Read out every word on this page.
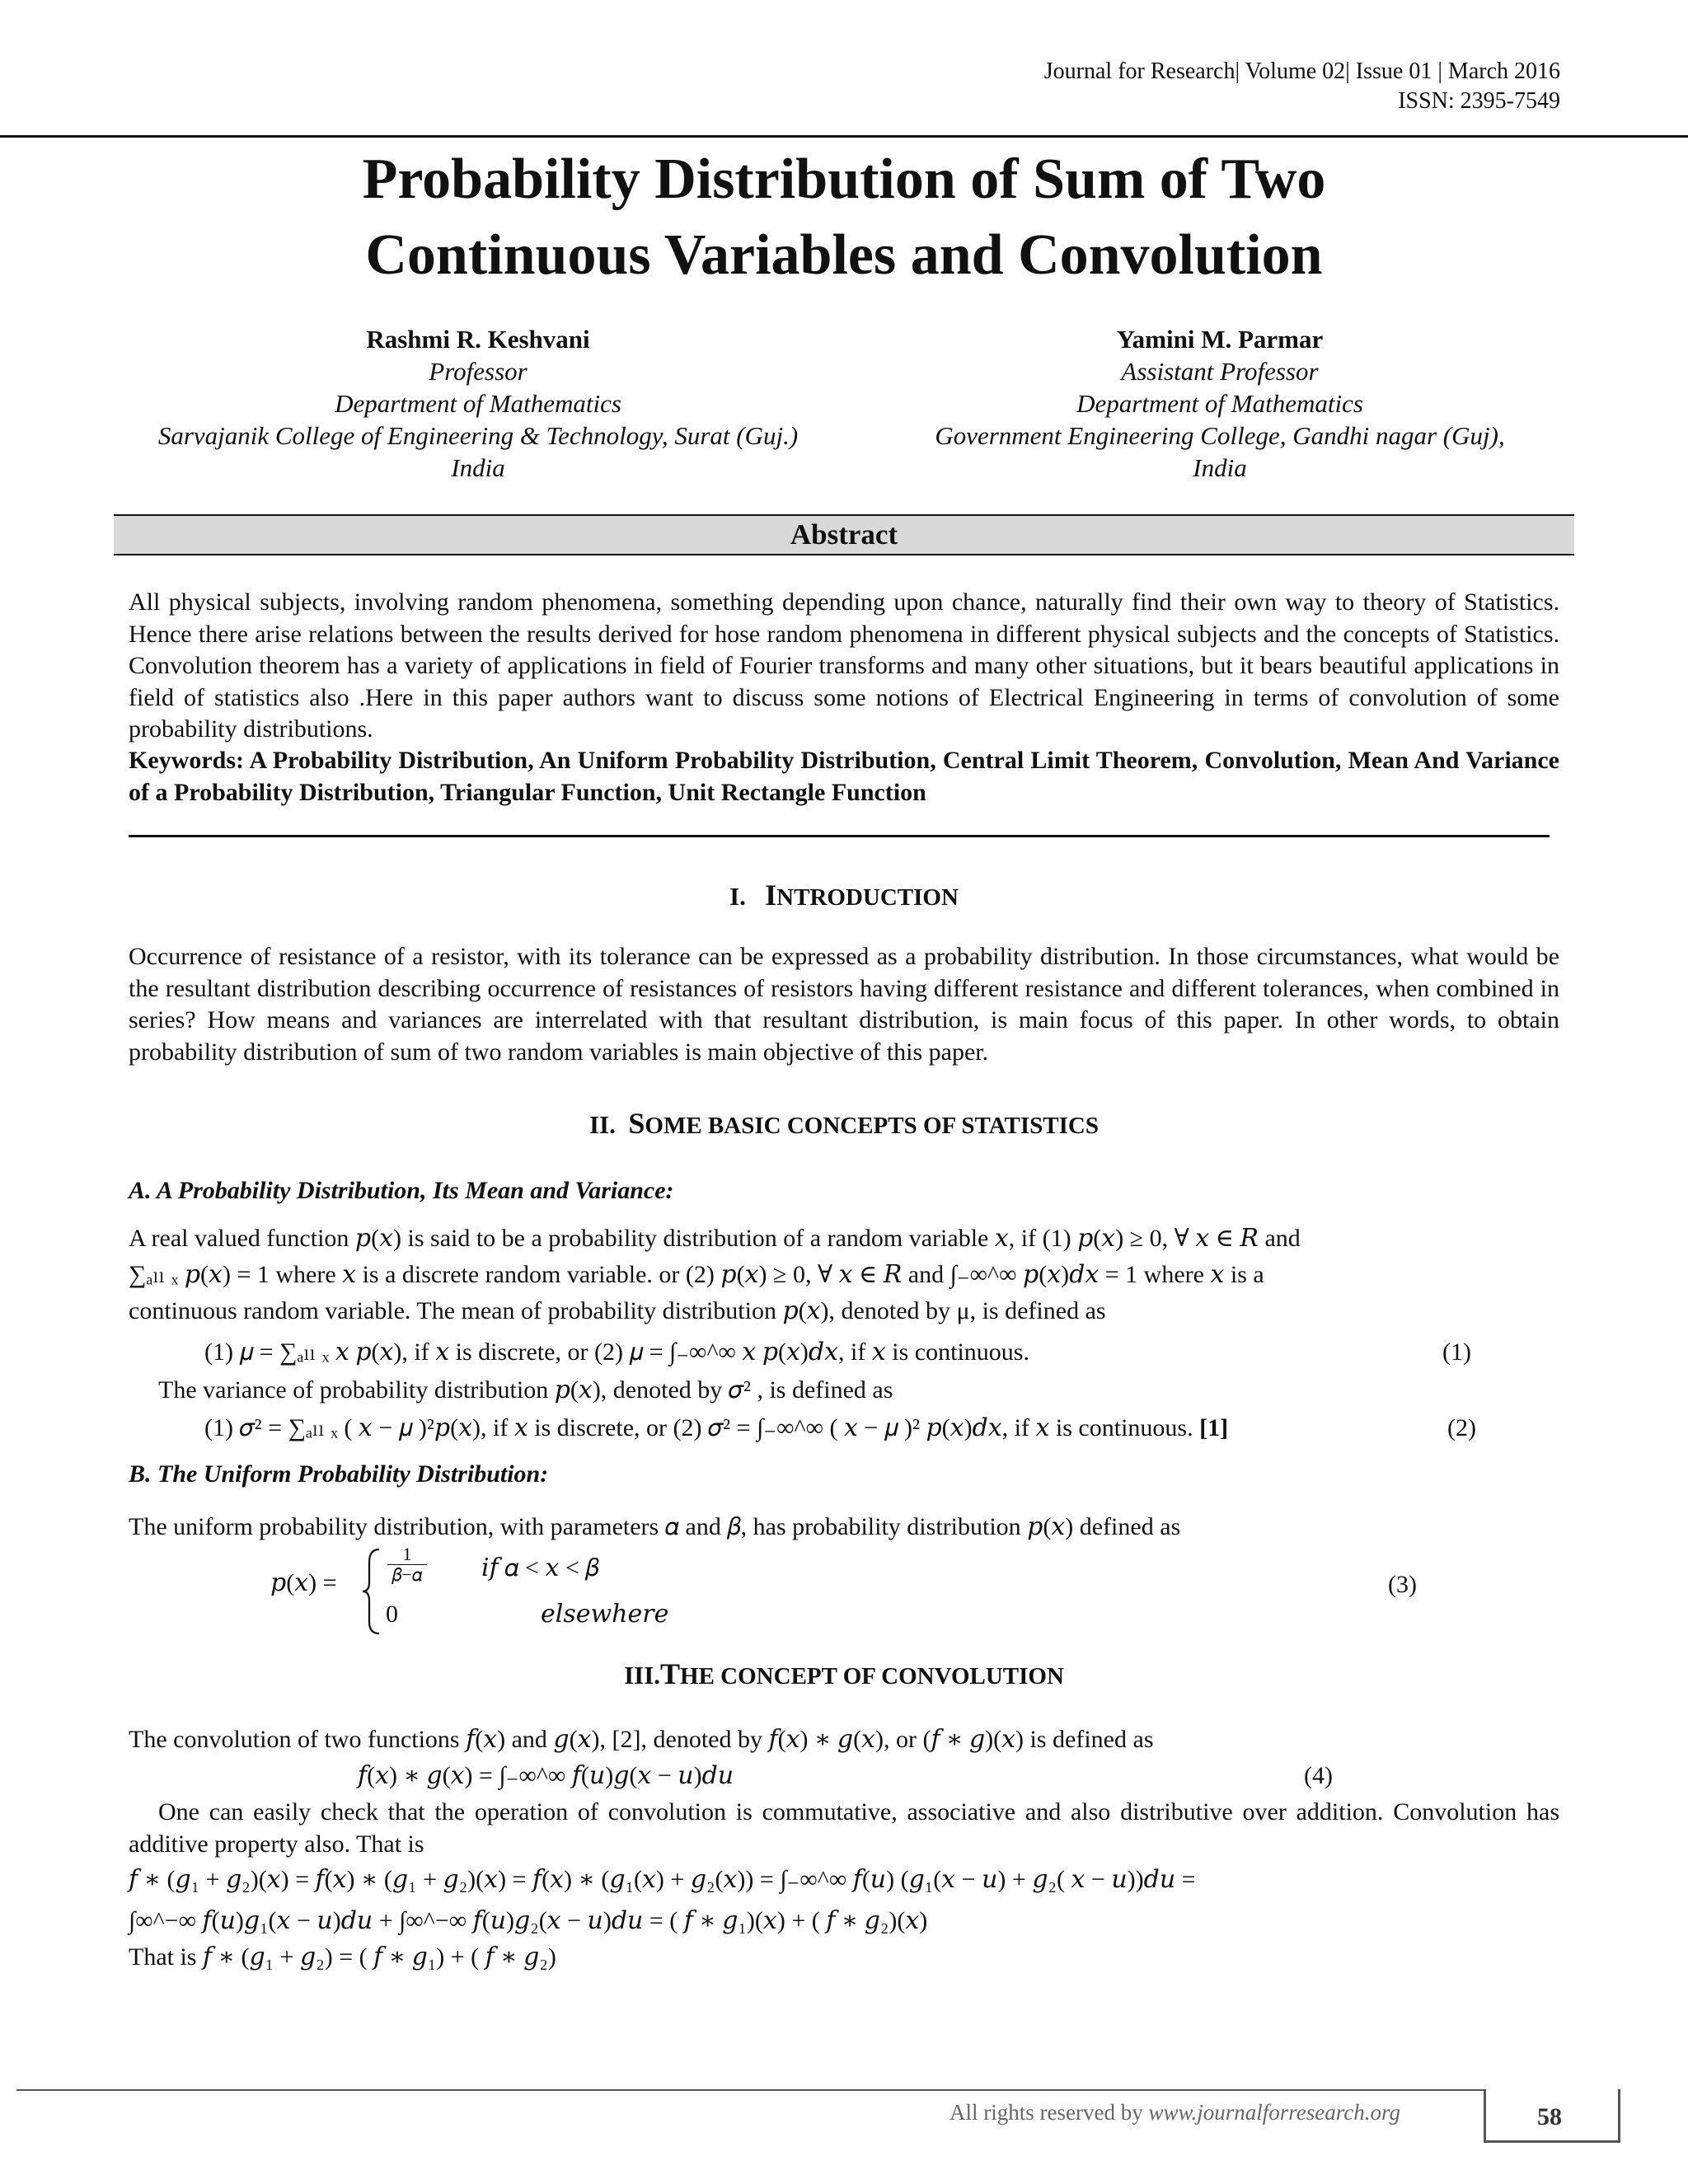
Journal for Research| Volume 02| Issue 01 | March 2016
ISSN: 2395-7549
Probability Distribution of Sum of Two
Continuous Variables and Convolution
Rashmi R. Keshvani
Professor
Department of Mathematics
Sarvajanik College of Engineering & Technology, Surat (Guj.)
India
Yamini M. Parmar
Assistant Professor
Department of Mathematics
Government Engineering College, Gandhi nagar (Guj),
India
Abstract
All physical subjects, involving random phenomena, something depending upon chance, naturally find their own way to theory of Statistics. Hence there arise relations between the results derived for hose random phenomena in different physical subjects and the concepts of Statistics. Convolution theorem has a variety of applications in field of Fourier transforms and many other situations, but it bears beautiful applications in field of statistics also .Here in this paper authors want to discuss some notions of Electrical Engineering in terms of convolution of some probability distributions.
Keywords: A Probability Distribution, An Uniform Probability Distribution, Central Limit Theorem, Convolution, Mean And Variance of a Probability Distribution, Triangular Function, Unit Rectangle Function
I. INTRODUCTION
Occurrence of resistance of a resistor, with its tolerance can be expressed as a probability distribution. In those circumstances, what would be the resultant distribution describing occurrence of resistances of resistors having different resistance and different tolerances, when combined in series? How means and variances are interrelated with that resultant distribution, is main focus of this paper. In other words, to obtain probability distribution of sum of two random variables is main objective of this paper.
II. SOME BASIC CONCEPTS OF STATISTICS
A. A Probability Distribution, Its Mean and Variance:
A real valued function 𝑝(𝑥) is said to be a probability distribution of a random variable 𝑥, if (1) 𝑝(𝑥) ≥ 0, ∀ 𝑥 ∈ 𝑅 and
∑ₐₗₗ ₓ 𝑝(𝑥) = 1 where 𝑥 is a discrete random variable. or (2) 𝑝(𝑥) ≥ 0, ∀ 𝑥 ∈ 𝑅 and ∫₋∞^∞ 𝑝(𝑥)𝑑𝑥 = 1 where 𝑥 is a
continuous random variable. The mean of probability distribution 𝑝(𝑥), denoted by μ, is defined as
(1) 𝜇 = ∑ₐₗₗ ₓ 𝑥 𝑝(𝑥), if 𝑥 is discrete, or (2) 𝜇 = ∫₋∞^∞ 𝑥 𝑝(𝑥)𝑑𝑥, if 𝑥 is continuous.	(1)
The variance of probability distribution 𝑝(𝑥), denoted by 𝜎² , is defined as
(1) 𝜎² = ∑ₐₗₗ ₓ ( 𝑥 − 𝜇 )²𝑝(𝑥), if 𝑥 is discrete, or (2) 𝜎² = ∫₋∞^∞ ( 𝑥 − 𝜇 )² 𝑝(𝑥)𝑑𝑥, if 𝑥 is continuous. [1]	(2)
B. The Uniform Probability Distribution:
The uniform probability distribution, with parameters 𝛼 and 𝛽, has probability distribution 𝑝(𝑥) defined as
𝑝(𝑥) =
1
𝛽−𝛼 𝑖𝑓 𝛼 < 𝑥 < 𝛽
0	𝑒𝑙𝑠𝑒𝑤ℎ𝑒𝑟𝑒
(3)
III.THE CONCEPT OF CONVOLUTION
The convolution of two functions 𝑓(𝑥) and 𝑔(𝑥), [2], denoted by 𝑓(𝑥) ∗ 𝑔(𝑥), or (𝑓 ∗ 𝑔)(𝑥) is defined as
𝑓(𝑥) ∗ 𝑔(𝑥) = ∫₋∞^∞ 𝑓(𝑢)𝑔(𝑥 − 𝑢)𝑑𝑢	(4)
One can easily check that the operation of convolution is commutative, associative and also distributive over addition. Convolution has additive property also. That is
𝑓 ∗ (𝑔₁ + 𝑔₂)(𝑥) = 𝑓(𝑥) ∗ (𝑔₁ + 𝑔₂)(𝑥) = 𝑓(𝑥) ∗ (𝑔₁(𝑥) + 𝑔₂(𝑥)) = ∫₋∞^∞ 𝑓(𝑢) (𝑔₁(𝑥 − 𝑢) + 𝑔₂( 𝑥 − 𝑢))𝑑𝑢 =
∫∞^−∞ 𝑓(𝑢)𝑔₁(𝑥 − 𝑢)𝑑𝑢 + ∫∞^−∞ 𝑓(𝑢)𝑔₂(𝑥 − 𝑢)𝑑𝑢 = ( 𝑓 ∗ 𝑔₁)(𝑥) + ( 𝑓 ∗ 𝑔₂)(𝑥)
That is 𝑓 ∗ (𝑔₁ + 𝑔₂) = ( 𝑓 ∗ 𝑔₁) + ( 𝑓 ∗ 𝑔₂)
All rights reserved by www.journalforresearch.org	58
